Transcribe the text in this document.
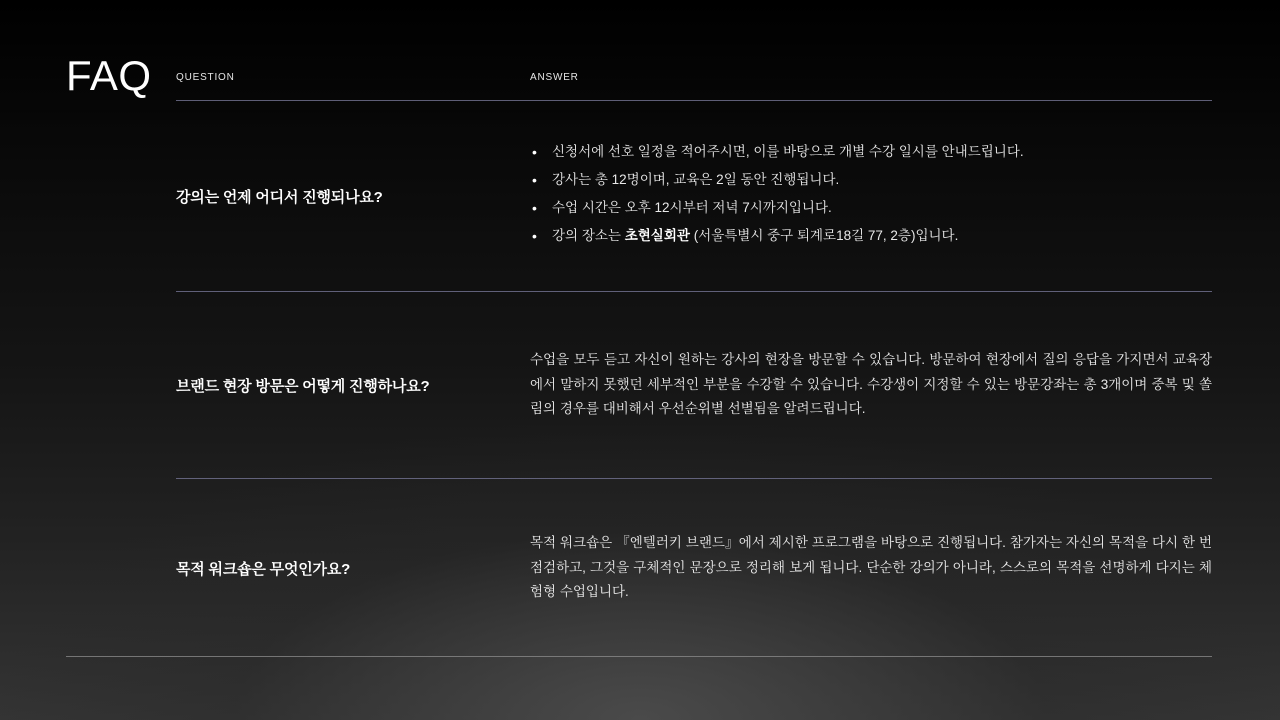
FAQ QUESTION	ANSWER
강의는 언제 어디서 진행되나요?
• 신청서에 선호 일정을 적어주시면, 이를 바탕으로 개별 수강 일시를 안내드립니다.
• 강사는 총 12명이며, 교육은 2일 동안 진행됩니다.
• 수업 시간은 오후 12시부터 저녁 7시까지입니다.
• 강의 장소는 초현실회관 (서울특별시 중구 퇴계로18길 77, 2층)입니다.
브랜드 현장 방문은 어떻게 진행하나요?

수업을 모두 듣고 자신이 원하는 강사의 현장을 방문할 수 있습니다. 방문하여 현장에서 질의 응답을 가지면서 교육장에서 말하지 못했던 세부적인 부분을 수강할 수 있습니다. 수강생이 지정할 수 있는 방문강좌는 총 3개이며 중복 및 쏠림의 경우를 대비해서 우선순위별 선별됨을 알려드립니다.

목적 워크숍은 무엇인가요?

목적 워크숍은 『엔텔러키 브랜드』에서 제시한 프로그램을 바탕으로 진행됩니다. 참가자는 자신의 목적을 다시 한 번 점검하고, 그것을 구체적인 문장으로 정리해 보게 됩니다. 단순한 강의가 아니라, 스스로의 목적을 선명하게 다지는 체험형 수업입니다.
